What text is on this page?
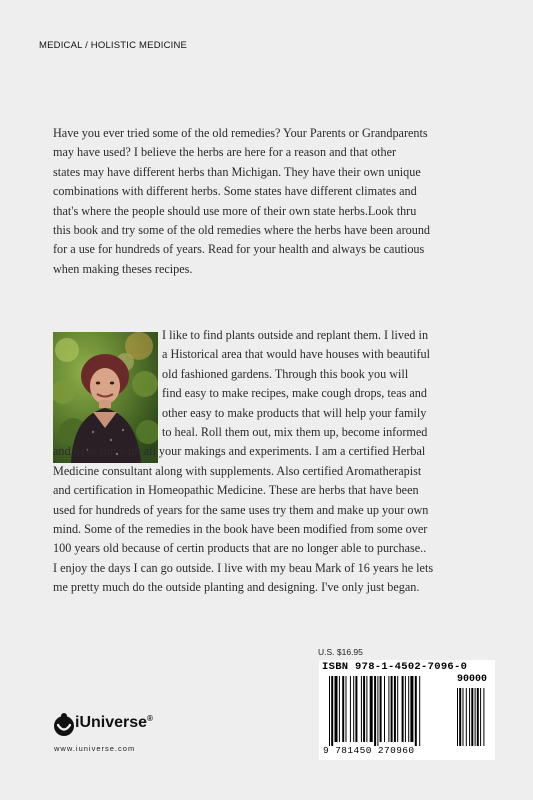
MEDICAL / HOLISTIC MEDICINE
Have you ever tried some of the old remedies? Your Parents or Grandparents
may have used? I believe the herbs are here for a reason and that other
states may have different herbs than Michigan. They have their own unique
combinations with different herbs. Some states have different climates and
that's where the people should use more of their own state herbs.Look thru
this book and try some of the old remedies where the herbs have been around
for a use for hundreds of years. Read for your health and always be cautious
when making theses recipes.
I like to find plants outside and replant them. I lived in
a Historical area that would have houses with beautiful
old fashioned gardens. Through this book you will
find easy to make recipes, make cough drops, teas and
other easy to make products that will help your family
to heal. Roll them out, mix them up, become informed
and have fun with all your makings and experiments. I am a certified Herbal
Medicine consultant along with supplements. Also certified Aromatherapist
and certification in Homeopathic Medicine. These are herbs that have been
used for hundreds of years for the same uses try them and make up your own
mind. Some of the remedies in the book have been modified from some over
100 years old because of certin products that are no longer able to purchase..
I enjoy the days I can go outside. I live with my beau Mark of 16 years he lets
me pretty much do the outside planting and designing. I've only just began.
U.S. $16.95
ISBN 978-1-4502-7096-0
90000
9 781450 270960
iUniverse®
www.iuniverse.com
